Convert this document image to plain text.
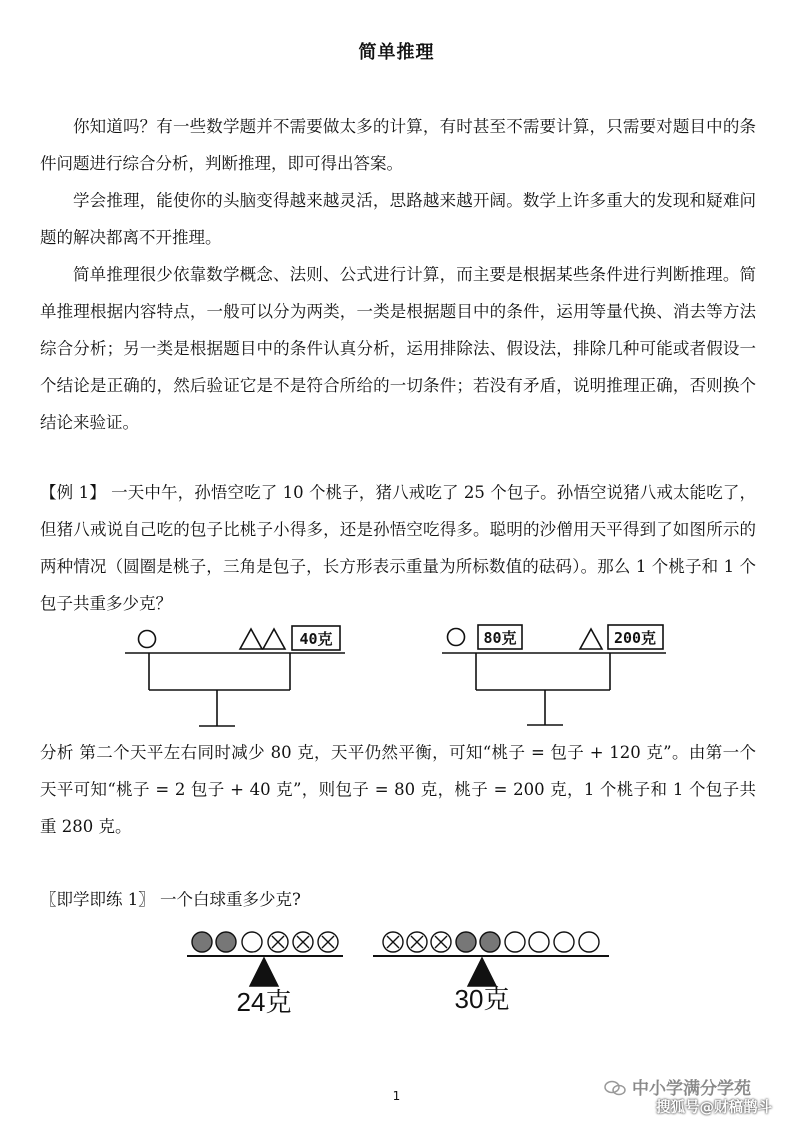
简单推理
你知道吗？有一些数学题并不需要做太多的计算，有时甚至不需要计算，只需要对题目中的条件问题进行综合分析，判断推理，即可得出答案。
学会推理，能使你的头脑变得越来越灵活，思路越来越开阔。数学上许多重大的发现和疑难问题的解决都离不开推理。
简单推理很少依靠数学概念、法则、公式进行计算，而主要是根据某些条件进行判断推理。简单推理根据内容特点，一般可以分为两类，一类是根据题目中的条件，运用等量代换、消去等方法综合分析；另一类是根据题目中的条件认真分析，运用排除法、假设法，排除几种可能或者假设一个结论是正确的，然后验证它是不是符合所给的一切条件；若没有矛盾，说明推理正确，否则换个结论来验证。
【例 1】 一天中午，孙悟空吃了 10 个桃子，猪八戒吃了 25 个包子。孙悟空说猪八戒太能吃了，但猪八戒说自己吃的包子比桃子小得多，还是孙悟空吃得多。聪明的沙僧用天平得到了如图所示的两种情况（圆圈是桃子，三角是包子，长方形表示重量为所标数值的砝码）。那么 1 个桃子和 1 个包子共重多少克？
40克	80克	200克
24克	30克
分析 第二个天平左右同时减少 80 克，天平仍然平衡，可知“桃子 = 包子 + 120 克”。由第一个天平可知“桃子 = 2 包子 + 40 克”，则包子 = 80 克，桃子 = 200 克，1 个桃子和 1 个包子共重 280 克。
〖即学即练 1〗 一个白球重多少克?
1	中小学满分学苑
搜狐号@财稿鹊斗
